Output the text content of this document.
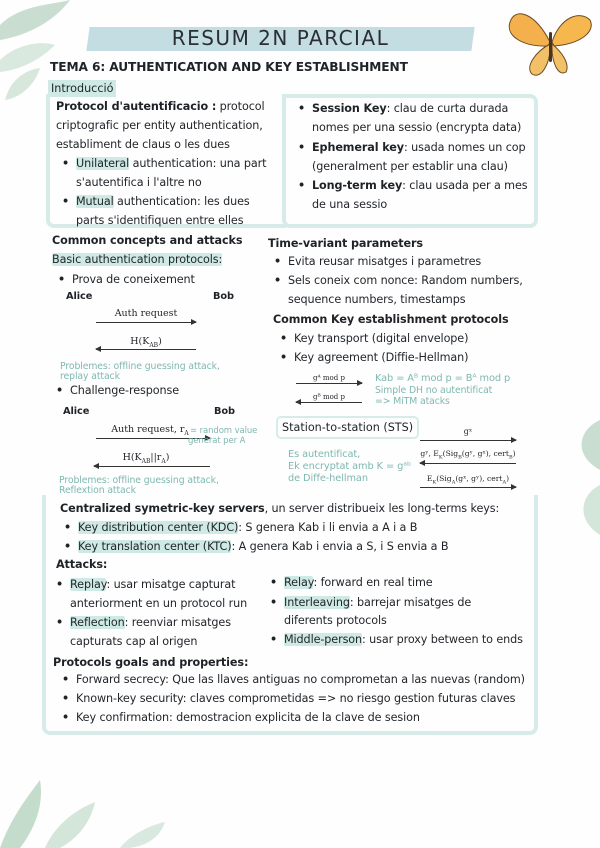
RESUM 2N PARCIAL
TEMA 6: AUTHENTICATION AND KEY ESTABLISHMENT
Introducció
Protocol d'autentificacio : protocol
criptografic per entity authentication,
establiment de claus o les dues
• Unilateral authentication: una part
s'autentifica i l'altre no
• Mutual authentication: les dues
parts s'identifiquen entre elles
• Session Key: clau de curta durada
nomes per una sessio (encrypta data)
• Ephemeral key: usada nomes un cop
(generalment per establir una clau)
• Long-term key: clau usada per a mes
de una sessio
Common concepts and attacks
Basic authentication protocols:
• Prova de coneixement
Alice	Bob
Auth request
$H(K_{AB})$
Problemes: offline guessing attack,
replay attack
• Challenge-response
Alice	Bob
Auth request, $r_A$ = random value
generat per A
$H(K_{AB}||r_A)$
Problemes: offline guessing attack,
Reflextion attack
Time-variant parameters
• Evita reusar misatges i parametres
• Sels coneix com nonce: Random numbers,
sequence numbers, timestamps
Common Key establishment protocols
• Key transport (digital envelope)
• Key agreement (Diffie-Hellman)
gᴬ mod p
gᴮ mod p
Kab = Aᴮ mod p = Bᴬ mod p
Simple DH no autentificat
=> MiTM atacks
Station-to-station (STS)
Es autentificat,
Ek encryptat amb K = gᵃᵇ
de Diffe-hellman
gˣ
gʸ, $E_K(Sig_B(gʸ$, gˣ), cert$_B$)
$E_K(Sig_A(gˣ$, gʸ), cert$_A$)
Centralized symetric-key servers, un server distribueix les long-terms keys:
• Key distribution center (KDC): S genera Kab i li envia a A i a B
• Key translation center (KTC): A genera Kab i envia a S, i S envia a B
Attacks:
• Replay: usar misatge capturat
anteriorment en un protocol run
• Reflection: reenviar misatges
capturats cap al origen
• Relay: forward en real time
• Interleaving: barrejar misatges de
diferents protocols
• Middle-person: usar proxy between to ends
Protocols goals and properties:
• Forward secrecy: Que las llaves antiguas no comprometan a las nuevas (random)
• Known-key security: claves comprometidas => no riesgo gestion futuras claves
• Key confirmation: demostracion explicita de la clave de sesion
